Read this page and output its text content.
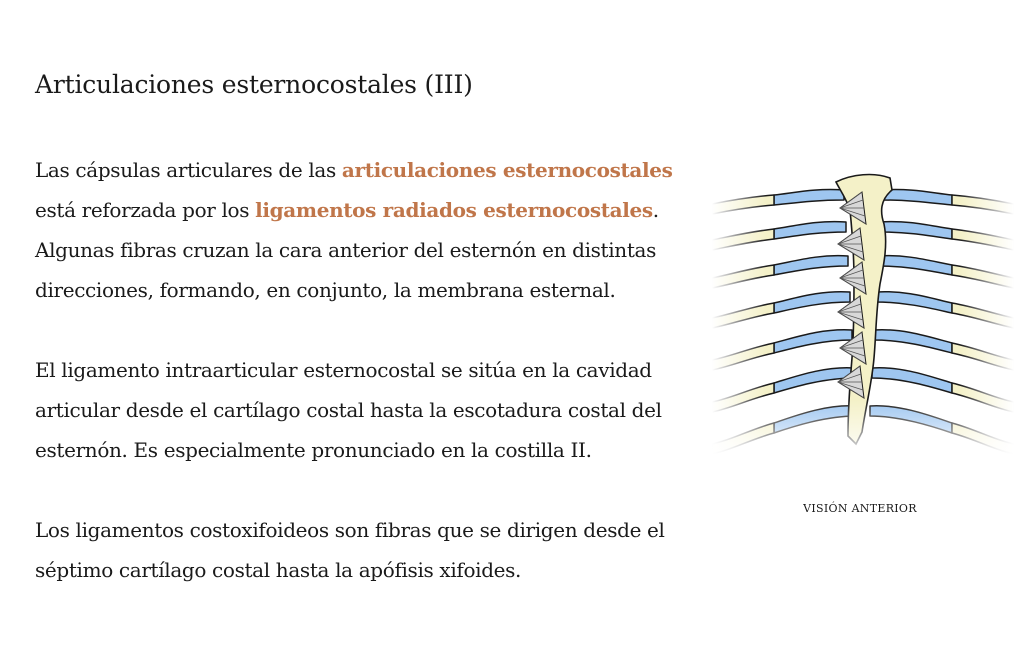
Articulaciones esternocostales (III)

Las cápsulas articulares de las articulaciones esternocostales está reforzada por los ligamentos radiados esternocostales. Algunas fibras cruzan la cara anterior del esternón en distintas direcciones, formando, en conjunto, la membrana esternal.

El ligamento intraarticular esternocostal se sitúa en la cavidad articular desde el cartílago costal hasta la escotadura costal del esternón. Es especialmente pronunciado en la costilla II.

Los ligamentos costoxifoideos son fibras que se dirigen desde el séptimo cartílago costal hasta la apófisis xifoides.

VISIÓN ANTERIOR
